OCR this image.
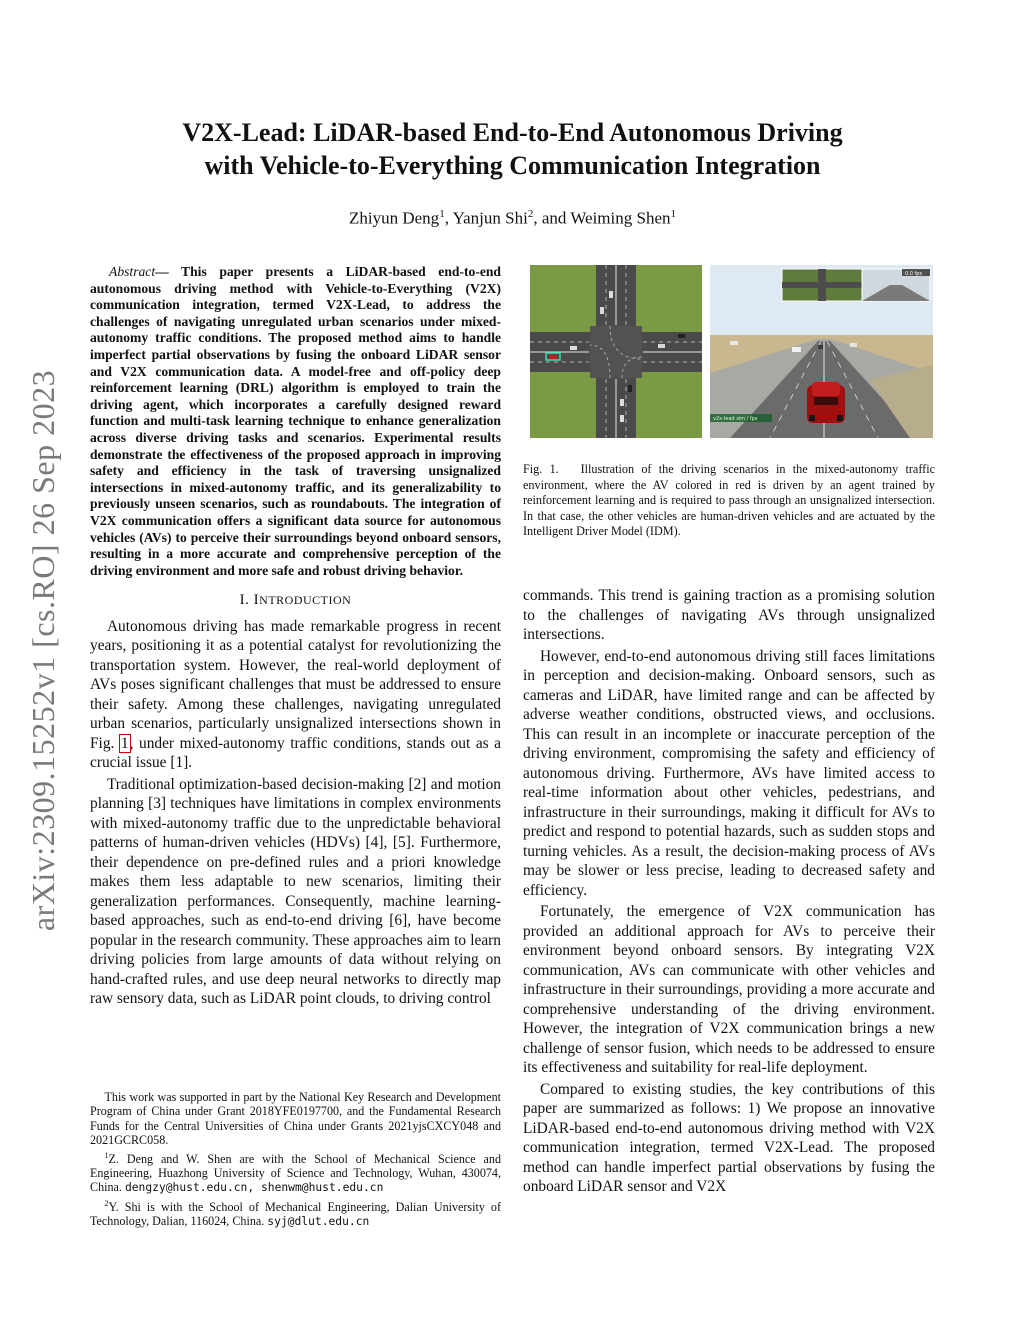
arXiv:2309.15252v1 [cs.RO] 26 Sep 2023
V2X-Lead: LiDAR-based End-to-End Autonomous Driving
with Vehicle-to-Everything Communication Integration
Zhiyun Deng$^1$, Yanjun Shi$^2$, and Weiming Shen$^1$

Abstract— This paper presents a LiDAR-based end-to-end autonomous driving method with Vehicle-to-Everything (V2X) communication integration, termed V2X-Lead, to address the challenges of navigating unregulated urban scenarios under mixed-autonomy traffic conditions. The proposed method aims to handle imperfect partial observations by fusing the onboard LiDAR sensor and V2X communication data. A model-free and off-policy deep reinforcement learning (DRL) algorithm is employed to train the driving agent, which incorporates a carefully designed reward function and multi-task learning technique to enhance generalization across diverse driving tasks and scenarios. Experimental results demonstrate the effectiveness of the proposed approach in improving safety and efficiency in the task of traversing unsignalized intersections in mixed-autonomy traffic, and its generalizability to previously unseen scenarios, such as roundabouts. The integration of V2X communication offers a significant data source for autonomous vehicles (AVs) to perceive their surroundings beyond onboard sensors, resulting in a more accurate and comprehensive perception of the driving environment and more safe and robust driving behavior.

I. INTRODUCTION

Autonomous driving has made remarkable progress in recent years, positioning it as a potential catalyst for revolutionizing the transportation system. However, the real-world deployment of AVs poses significant challenges that must be addressed to ensure their safety. Among these challenges, navigating unregulated urban scenarios, particularly unsignalized intersections shown in Fig. 1, under mixed-autonomy traffic conditions, stands out as a crucial issue [1].

Traditional optimization-based decision-making [2] and motion planning [3] techniques have limitations in complex environments with mixed-autonomy traffic due to the unpredictable behavioral patterns of human-driven vehicles (HDVs) [4], [5]. Furthermore, their dependence on pre-defined rules and a priori knowledge makes them less adaptable to new scenarios, limiting their generalization performances. Consequently, machine learning-based approaches, such as end-to-end driving [6], have become popular in the research community. These approaches aim to learn driving policies from large amounts of data without relying on hand-crafted rules, and use deep neural networks to directly map raw sensory data, such as LiDAR point clouds, to driving control

This work was supported in part by the National Key Research and Development Program of China under Grant 2018YFE0197700, and the Fundamental Research Funds for the Central Universities of China under Grants 2021yjsCXCY048 and 2021GCRC058.

$^1$Z. Deng and W. Shen are with the School of Mechanical Science and Engineering, Huazhong University of Science and Technology, Wuhan, 430074, China. dengzy@hust.edu.cn, shenwm@hust.edu.cn

$^2$Y. Shi is with the School of Mechanical Engineering, Dalian University of Technology, Dalian, 116024, China. syj@dlut.edu.cn

0.0 fps
v2x-lead sim / fps
Fig. 1. Illustration of the driving scenarios in the mixed-autonomy traffic environment, where the AV colored in red is driven by an agent trained by reinforcement learning and is required to pass through an unsignalized intersection. In that case, the other vehicles are human-driven vehicles and are actuated by the Intelligent Driver Model (IDM).

commands. This trend is gaining traction as a promising solution to the challenges of navigating AVs through unsignalized intersections.

However, end-to-end autonomous driving still faces limitations in perception and decision-making. Onboard sensors, such as cameras and LiDAR, have limited range and can be affected by adverse weather conditions, obstructed views, and occlusions. This can result in an incomplete or inaccurate perception of the driving environment, compromising the safety and efficiency of autonomous driving. Furthermore, AVs have limited access to real-time information about other vehicles, pedestrians, and infrastructure in their surroundings, making it difficult for AVs to predict and respond to potential hazards, such as sudden stops and turning vehicles. As a result, the decision-making process of AVs may be slower or less precise, leading to decreased safety and efficiency.

Fortunately, the emergence of V2X communication has provided an additional approach for AVs to perceive their environment beyond onboard sensors. By integrating V2X communication, AVs can communicate with other vehicles and infrastructure in their surroundings, providing a more accurate and comprehensive understanding of the driving environment. However, the integration of V2X communication brings a new challenge of sensor fusion, which needs to be addressed to ensure its effectiveness and suitability for real-life deployment.

Compared to existing studies, the key contributions of this paper are summarized as follows: 1) We propose an innovative LiDAR-based end-to-end autonomous driving method with V2X communication integration, termed V2X-Lead. The proposed method can handle imperfect partial observations by fusing the onboard LiDAR sensor and V2X
